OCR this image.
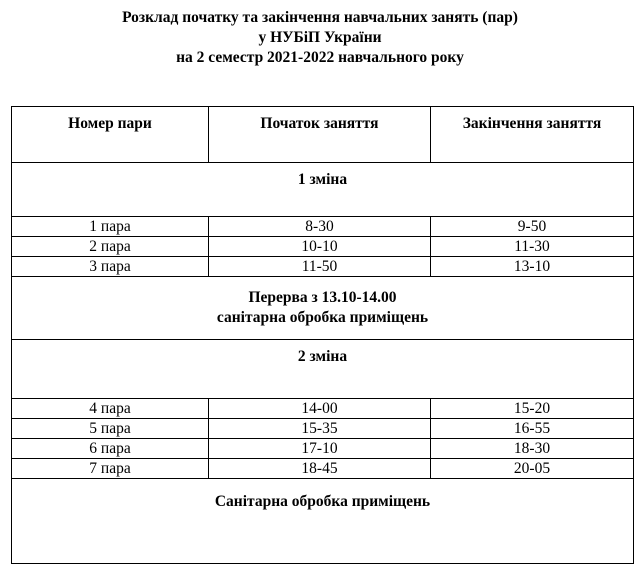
Розклад початку та закінчення навчальних занять (пар)
у НУБіП України
на 2 семестр 2021-2022 навчального року
Номер пари	Початок заняття	Закінчення заняття
1 зміна		
1 пара	8-30	9-50
2 пара	10-10	11-30
3 пара	11-50	13-10

Перерва з 13.10-14.00
санітарна обробка приміщень		

2 зміна		
4 пара	14-00	15-20
5 пара	15-35	16-55
6 пара	17-10	18-30
7 пара	18-45	20-05
Санітарна обробка приміщень		
